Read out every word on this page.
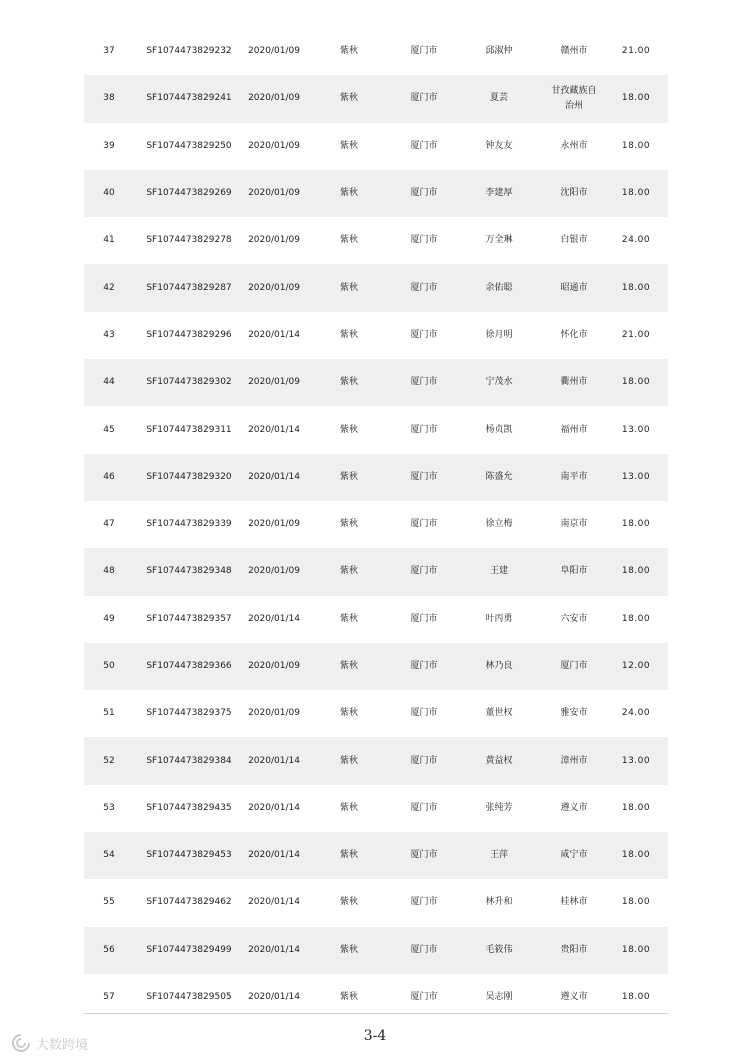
37	SF1074473829232	2020/01/09	紫秋	厦门市	邱淑仲	赣州市	21.00
38	SF1074473829241	2020/01/09	紫秋	厦门市	夏芸	甘孜藏族自治州	18.00
39	SF1074473829250	2020/01/09	紫秋	厦门市	钟友友	永州市	18.00
40	SF1074473829269	2020/01/09	紫秋	厦门市	李建厚	沈阳市	18.00
41	SF1074473829278	2020/01/09	紫秋	厦门市	万全琳	白银市	24.00
42	SF1074473829287	2020/01/09	紫秋	厦门市	余佑聪	昭通市	18.00
43	SF1074473829296	2020/01/14	紫秋	厦门市	徐月明	怀化市	21.00
44	SF1074473829302	2020/01/09	紫秋	厦门市	宁茂水	衢州市	18.00
45	SF1074473829311	2020/01/14	紫秋	厦门市	杨贞凯	福州市	13.00
46	SF1074473829320	2020/01/14	紫秋	厦门市	陈盛允	南平市	13.00
47	SF1074473829339	2020/01/09	紫秋	厦门市	徐立梅	南京市	18.00
48	SF1074473829348	2020/01/09	紫秋	厦门市	王建	阜阳市	18.00
49	SF1074473829357	2020/01/14	紫秋	厦门市	叶丙勇	六安市	18.00
50	SF1074473829366	2020/01/09	紫秋	厦门市	林乃良	厦门市	12.00
51	SF1074473829375	2020/01/09	紫秋	厦门市	董世权	雅安市	24.00
52	SF1074473829384	2020/01/14	紫秋	厦门市	黄益权	漳州市	13.00
53	SF1074473829435	2020/01/14	紫秋	厦门市	张纯芳	遵义市	18.00
54	SF1074473829453	2020/01/14	紫秋	厦门市	王萍	咸宁市	18.00
55	SF1074473829462	2020/01/14	紫秋	厦门市	林升和	桂林市	18.00
56	SF1074473829499	2020/01/14	紫秋	厦门市	毛筱伟	贵阳市	18.00
57	SF1074473829505	2020/01/14	紫秋	厦门市	吴志刚	遵义市	18.00
3-4
大数跨境
